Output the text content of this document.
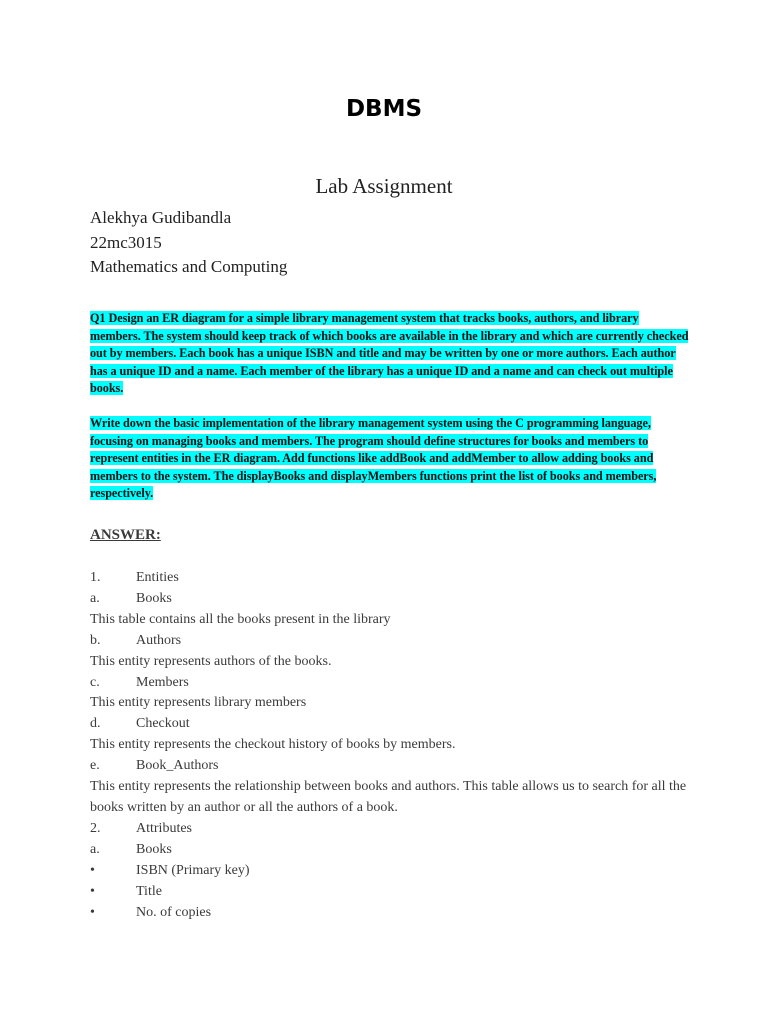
DBMS
Lab Assignment
Alekhya Gudibandla
22mc3015
Mathematics and Computing
Q1 Design an ER diagram for a simple library management system that tracks books, authors, and library members. The system should keep track of which books are available in the library and which are currently checked out by members. Each book has a unique ISBN and title and may be written by one or more authors. Each author has a unique ID and a name. Each member of the library has a unique ID and a name and can check out multiple books.
Write down the basic implementation of the library management system using the C programming language, focusing on managing books and members. The program should define structures for books and members to represent entities in the ER diagram. Add functions like addBook and addMember to allow adding books and members to the system. The displayBooks and displayMembers functions print the list of books and members, respectively.
ANSWER:
1.	Entities
a.	Books
This table contains all the books present in the library
b.	Authors
This entity represents authors of the books.
c.	Members
This entity represents library members
d.	Checkout
This entity represents the checkout history of books by members.
e.	Book_Authors
This entity represents the relationship between books and authors. This table allows us to search for all the books written by an author or all the authors of a book.
2.	Attributes
a.	Books
•	ISBN (Primary key)
•	Title
•	No. of copies
